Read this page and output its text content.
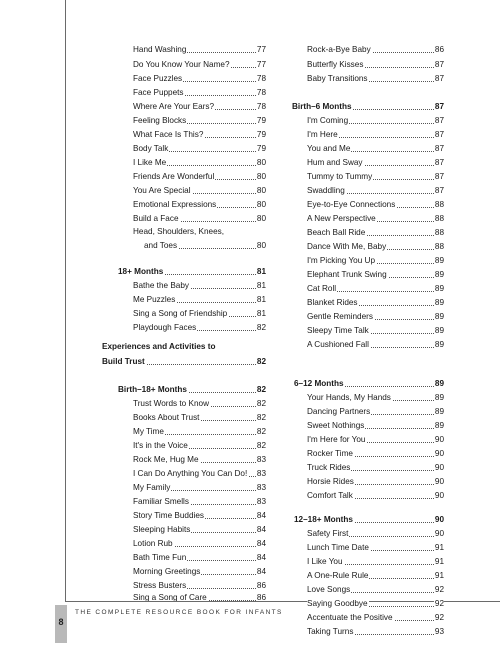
8
THE COMPLETE RESOURCE BOOK FOR INFANTS
Hand Washing	77
Do You Know Your Name?	77
Face Puzzles	78
Face Puppets	78
Where Are Your Ears?	78
Feeling Blocks	79
What Face Is This?	79
Body Talk	79
I Like Me	80
Friends Are Wonderful	80
You Are Special	80
Emotional Expressions	80
Build a Face	80
Head, Shoulders, Knees,
and Toes	80
18+ Months	81
Bathe the Baby	81
Me Puzzles	81
Sing a Song of Friendship	81
Playdough Faces	82
Experiences and Activities to
Build Trust	82
Birth–18+ Months	82
Trust Words to Know	82
Books About Trust	82
My Time	82
It's in the Voice	82
Rock Me, Hug Me	83
I Can Do Anything You Can Do! 83
My Family	83
Familiar Smells	83
Story Time Buddies	84
Sleeping Habits	84
Lotion Rub	84
Bath Time Fun	84
Morning Greetings	84
Stress Busters	86
Sing a Song of Care	86
Rock-a-Bye Baby	86
Butterfly Kisses	87
Baby Transitions	87
Birth–6 Months	87
I'm Coming	87
I'm Here	87
You and Me	87
Hum and Sway	87
Tummy to Tummy	87
Swaddling	87
Eye-to-Eye Connections	88
A New Perspective	88
Beach Ball Ride	88
Dance With Me, Baby	88
I'm Picking You Up	89
Elephant Trunk Swing	89
Cat Roll	89
Blanket Rides	89
Gentle Reminders	89
Sleepy Time Talk	89
A Cushioned Fall	89
6–12 Months	89
Your Hands, My Hands	89
Dancing Partners	89
Sweet Nothings	89
I'm Here for You	90
Rocker Time	90
Truck Rides	90
Horsie Rides	90
Comfort Talk	90
12–18+ Months	90
Safety First	90
Lunch Time Date	91
I Like You	91
A One-Rule Rule	91
Love Songs	92
Saying Goodbye	92
Accentuate the Positive	92
Taking Turns	93
